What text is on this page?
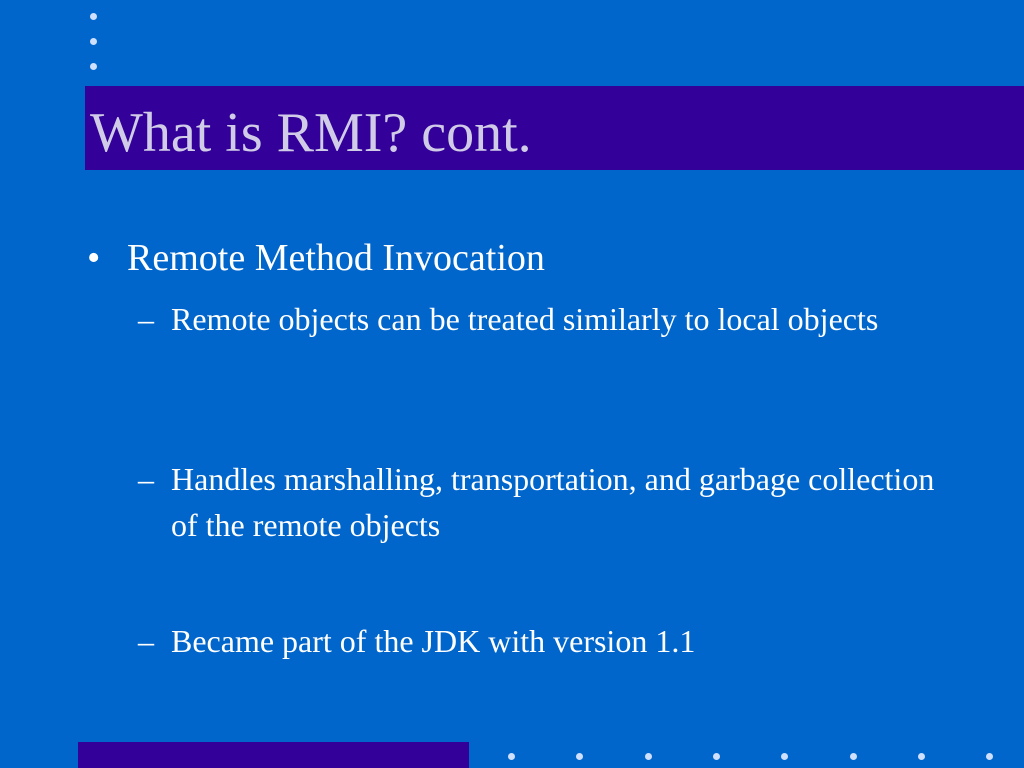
What is RMI? cont.
• Remote Method Invocation
– Remote objects can be treated similarly to local objects
– Handles marshalling, transportation, and garbage collection of the remote objects
– Became part of the JDK with version 1.1
